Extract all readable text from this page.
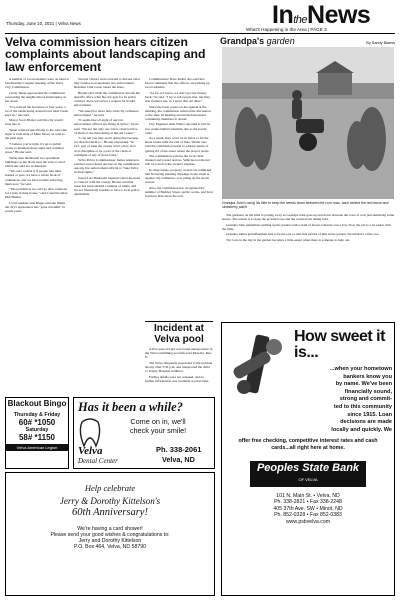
Thursday, June 10, 2021 | Velva News	IntheNews
What's Happening in the Area | PAGE 3
Velva commission hears citizen complaints about landscaping and law enforcement

A number of local residents were on hand at last Monday's regular meeting of the Velva City Commission.

Cindy Tenan approached the commission concerning the neighborhood landscaping on her street.

"I've noticed the last three or four years, a lot of the landscaping around town hasn't been kept up," she said.

Mayor Scott Blotter said the city would look into it.

Tenan referred specifically to the welcome signs at both ends of Main Street, as well as the park sign.

"I believe you're right, it's up to public works to maintain those signs and common areas," Blotter said.

Tenan then mentioned two apartment buildings on the block near the school, all of which she said are in disrepair.

"We can't control it if people rent their houses or pass, we have a whole book of ordinances, and we have trouble enforcing them now," he said.

"The problem is we can't go after someone for a hole in their house," said Councilwoman Deb Hunter.

Local resident Jane Hager said she thinks the city's appearance has "gone downhill" in recent years.

Several visitors were on hand to discuss what they believe is nonexistent law enforcement. Resident Clint Grote raised the issue.

Blotter said while the commission did ask the sheriff's office what the city gets for its police contract, there was never a request for harder enforcement.

"We asked for more help with city ordinance enforcement," he said.

"It seems like all eight of our law enforcement officers are living in Velva," Grote said. "I'm not the only one who's observed five of them at one time sitting at the old Cenex."

"I can tell you they aren't doing that because we directed them to," Blotter responded. "In fact, part of what the county won't allow us to do is discipline or be a part of the chain of command of any of those folks."

Velva Police Commissioner James Anderson said he's never heard anyone on the commission ask any law enforcement official to "take Velva in their sights."

Guest Lorr Bredeschi inquired about the need to contract with the county. Blotter said that issue has been studied a number of times, and it's not financially feasible to have a local police department.

Commissioner Dave Keller also said he's heard comments that the officers are picking up local residents.

"As far as I know, we don't get any money back," he said. "I try to tell people that, but they don't believe me, so I leave that out there."

Since the issue wasn't on the agenda at the meeting, the commission referred the discussion to the June 16 meeting and invited interested community members to attend.

City Engineer Alan Walter reported it will be two weeks behind schedule, due to the recent rains.

As a result, they won't be in Velva to fix the street issues until the end of June. Walter also said the commission needs to address issues of getting rid of the street where the project starts.

The commission will use the local cable channel and posted notices. Vehicles not moved will be towed at the owner's expense.

In other issues, property owners are reminded that flowering planting clippings in the street is against city ordinance, as is piling up the storm sewers.

Also, the commission has recognized the summer of Berkley Street, public works, and Ivan Garrison Dan about the exit.

Incident at
Velva pool

A five-year-old girl was found unresponsive in the Velva swimming pool this past Monday, June 8.

The Velva lifeguards responded to the incident shortly after 3:30 p.m. and transported the child to Trinity Hospital in Minot.

Further details were not released, and no further information was available at press time.

Grandpa's garden	By Sandy Blaess
Grandpa John's using his tiller to keep the weeds down between the corn rows, back behind the red house and strawberry patch.

The gardener on the tiller is putting away as Grandpa John goes up and down between the rows of corn just sheltering some leaves. The reason is to keep the ground loose and the weeds from taking hold.

Grandpa John remembers pulling up the garden with a team of horses when he was a boy. Now the job is a lot easier with the tiller.

Grandpa John's granddaughter had to be the one to take this picture of him in the garden. We think it's a fine one.

Tip: Late in the day in the garden becomes a little easier when there is someone to help out.

How sweet it is...
...when your hometown
bankers know you
by name. We've been
financially sound,
strong and commit-
ted to this community
since 1915. Loan
decisions are made
locally and quickly. We
offer free checking, competitive interest rates and cash cards...all right here at home.
Peoples State Bank
OF VELVA
101 N. Main St. • Velva, ND
Ph. 338-2821 • Fax 338-2248
405 37th Ave. SW • Minot, ND
Ph. 852-0328 • Fax 852-0383
www.psbvelva.com
Blackout Bingo
Thursday & Friday
60# *1050
Saturday
58# *1150
Velva American Legion
Has it been a while?
Come on in, we'll
check your smile!
Velva
Dental Center
Ph. 338-2061
Velva, ND
Help celebrate
Jerry & Dorothy Kittelson's
60th Anniversary!
We're having a card shower!
Please send your good wishes & congratulations to:
Jerry and Dorothy Kittelson
P.O. Box 464, Velva, ND 58790
